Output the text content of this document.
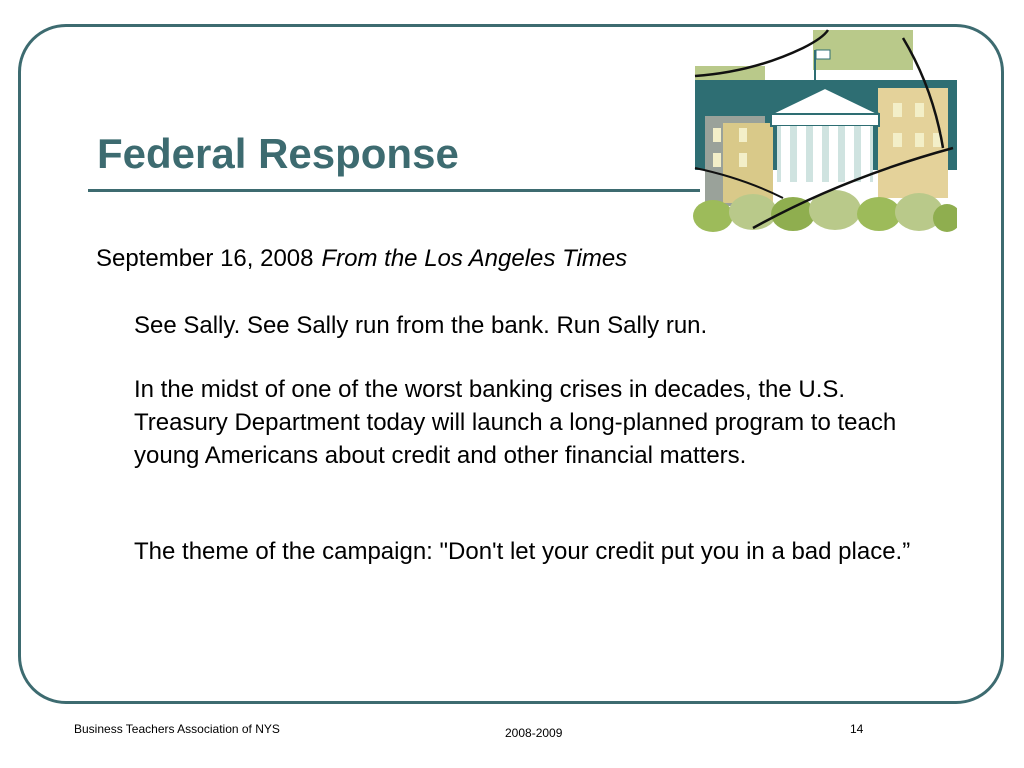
Federal Response
September 16, 2008 From the Los Angeles Times

See Sally. See Sally run from the bank. Run Sally run.

In the midst of one of the worst banking crises in decades, the U.S. Treasury Department today will launch a long-planned program to teach young Americans about credit and other financial matters.

The theme of the campaign: "Don't let your credit put you in a bad place.”

Business Teachers Association of NYS	2008-2009	14
